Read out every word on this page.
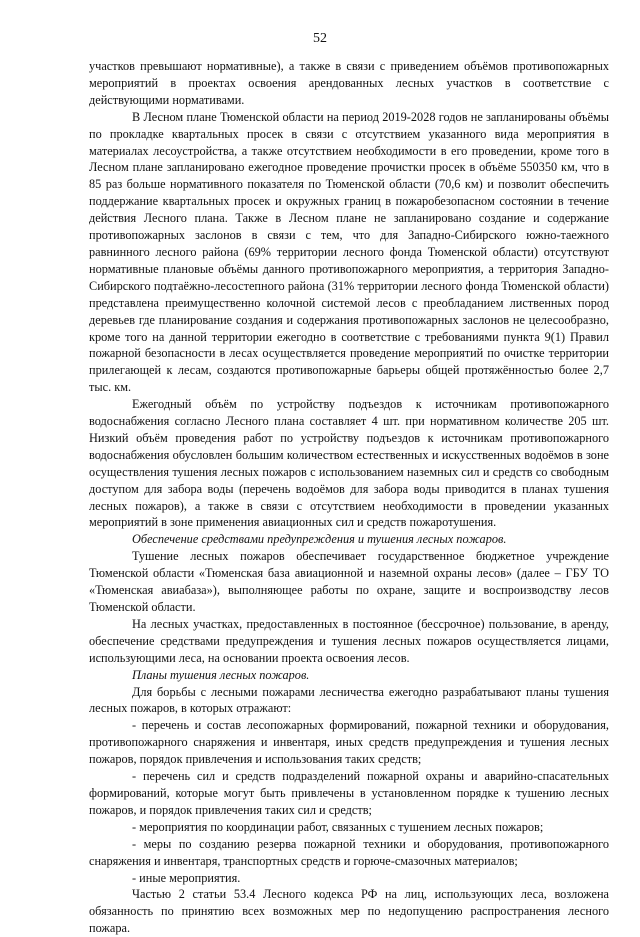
52

участков превышают нормативные), а также в связи с приведением объёмов противопожарных мероприятий в проектах освоения арендованных лесных участков в соответствие с действующими нормативами.

В Лесном плане Тюменской области на период 2019-2028 годов не запланированы объёмы по прокладке квартальных просек в связи с отсутствием указанного вида мероприятия в материалах лесоустройства, а также отсутствием необходимости в его проведении, кроме того в Лесном плане запланировано ежегодное проведение прочистки просек в объёме 550350 км, что в 85 раз больше нормативного показателя по Тюменской области (70,6 км) и позволит обеспечить поддержание квартальных просек и окружных границ в пожаробезопасном состоянии в течение действия Лесного плана. Также в Лесном плане не запланировано создание и содержание противопожарных заслонов в связи с тем, что для Западно-Сибирского южно-таежного равнинного лесного района (69% территории лесного фонда Тюменской области) отсутствуют нормативные плановые объёмы данного противопожарного мероприятия, а территория Западно-Сибирского подтаёжно-лесостепного района (31% территории лесного фонда Тюменской области) представлена преимущественно колочной системой лесов с преобладанием лиственных пород деревьев где планирование создания и содержания противопожарных заслонов не целесообразно, кроме того на данной территории ежегодно в соответствие с требованиями пункта 9(1) Правил пожарной безопасности в лесах осуществляется проведение мероприятий по очистке территории прилегающей к лесам, создаются противопожарные барьеры общей протяжённостью более 2,7 тыс. км.

Ежегодный объём по устройству подъездов к источникам противопожарного водоснабжения согласно Лесного плана составляет 4 шт. при нормативном количестве 205 шт. Низкий объём проведения работ по устройству подъездов к источникам противопожарного водоснабжения обусловлен большим количеством естественных и искусственных водоёмов в зоне осуществления тушения лесных пожаров с использованием наземных сил и средств со свободным доступом для забора воды (перечень водоёмов для забора воды приводится в планах тушения лесных пожаров), а также в связи с отсутствием необходимости в проведении указанных мероприятий в зоне применения авиационных сил и средств пожаротушения.

Обеспечение средствами предупреждения и тушения лесных пожаров.

Тушение лесных пожаров обеспечивает государственное бюджетное учреждение Тюменской области «Тюменская база авиационной и наземной охраны лесов» (далее – ГБУ ТО «Тюменская авиабаза»), выполняющее работы по охране, защите и воспроизводству лесов Тюменской области.

На лесных участках, предоставленных в постоянное (бессрочное) пользование, в аренду, обеспечение средствами предупреждения и тушения лесных пожаров осуществляется лицами, использующими леса, на основании проекта освоения лесов.

Планы тушения лесных пожаров.

Для борьбы с лесными пожарами лесничества ежегодно разрабатывают планы тушения лесных пожаров, в которых отражают:

- перечень и состав лесопожарных формирований, пожарной техники и оборудования, противопожарного снаряжения и инвентаря, иных средств предупреждения и тушения лесных пожаров, порядок привлечения и использования таких средств;

- перечень сил и средств подразделений пожарной охраны и аварийно-спасательных формирований, которые могут быть привлечены в установленном порядке к тушению лесных пожаров, и порядок привлечения таких сил и средств;

- мероприятия по координации работ, связанных с тушением лесных пожаров;

- меры по созданию резерва пожарной техники и оборудования, противопожарного снаряжения и инвентаря, транспортных средств и горюче-смазочных материалов;

- иные мероприятия.

Частью 2 статьи 53.4 Лесного кодекса РФ на лиц, использующих леса, возложена обязанность по принятию всех возможных мер по недопущению распространения лесного пожара.
